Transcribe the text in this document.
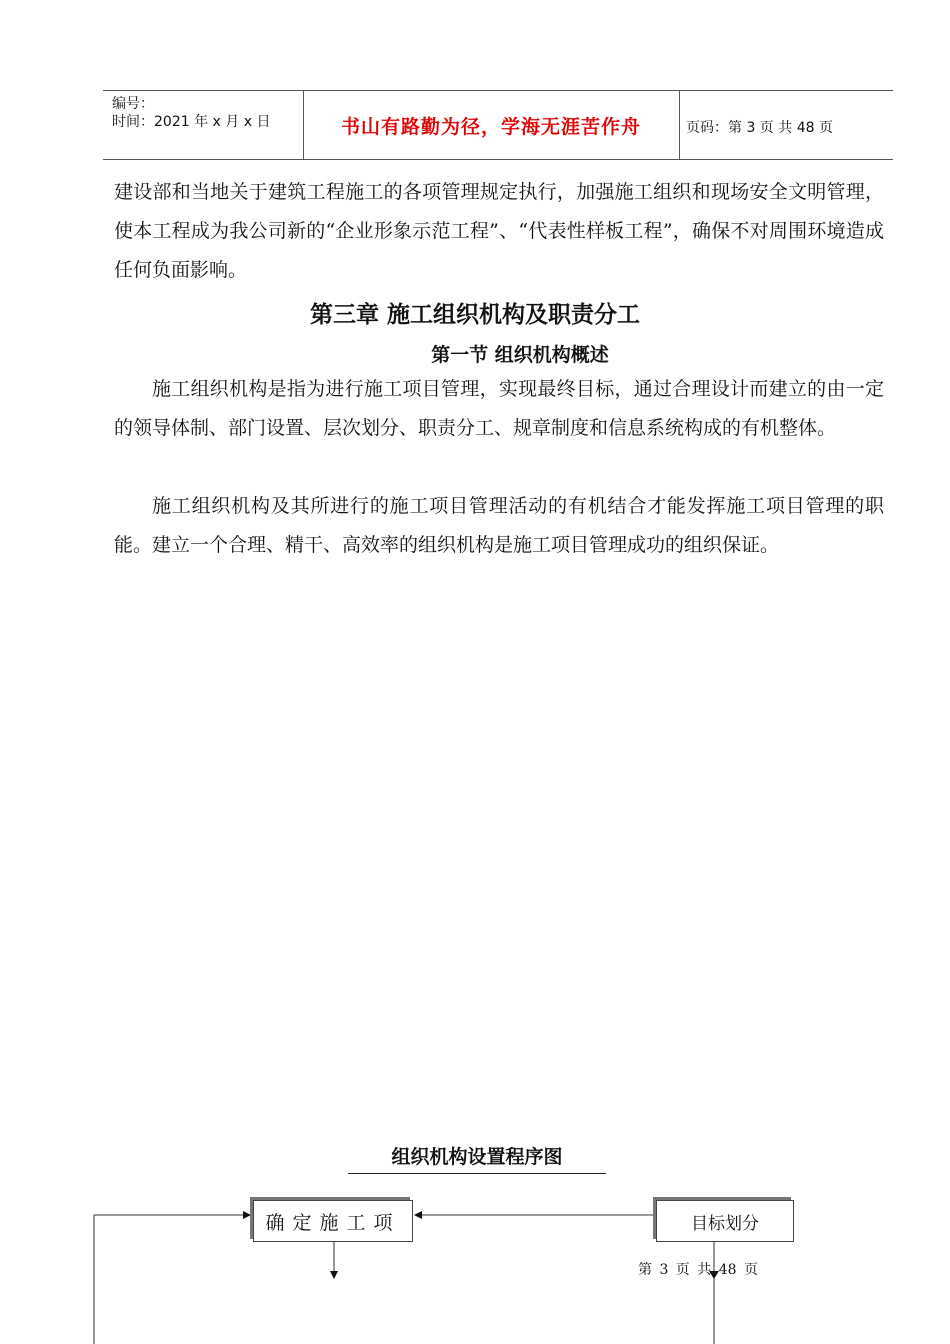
编号：
时间：2021 年 x 月 x 日	书山有路勤为径，学海无涯苦作舟	页码：第 3 页 共 48 页
建设部和当地关于建筑工程施工的各项管理规定执行，加强施工组织和现场安全文明管理，使本工程成为我公司新的“企业形象示范工程”、“代表性样板工程”，确保不对周围环境造成任何负面影响。
第三章 施工组织机构及职责分工
第一节 组织机构概述
施工组织机构是指为进行施工项目管理，实现最终目标，通过合理设计而建立的由一定的领导体制、部门设置、层次划分、职责分工、规章制度和信息系统构成的有机整体。
施工组织机构及其所进行的施工项目管理活动的有机结合才能发挥施工项目管理的职能。建立一个合理、精干、高效率的组织机构是施工项目管理成功的组织保证。
组织机构设置程序图
确定施工项	目标划分
第 3 页 共 48 页
